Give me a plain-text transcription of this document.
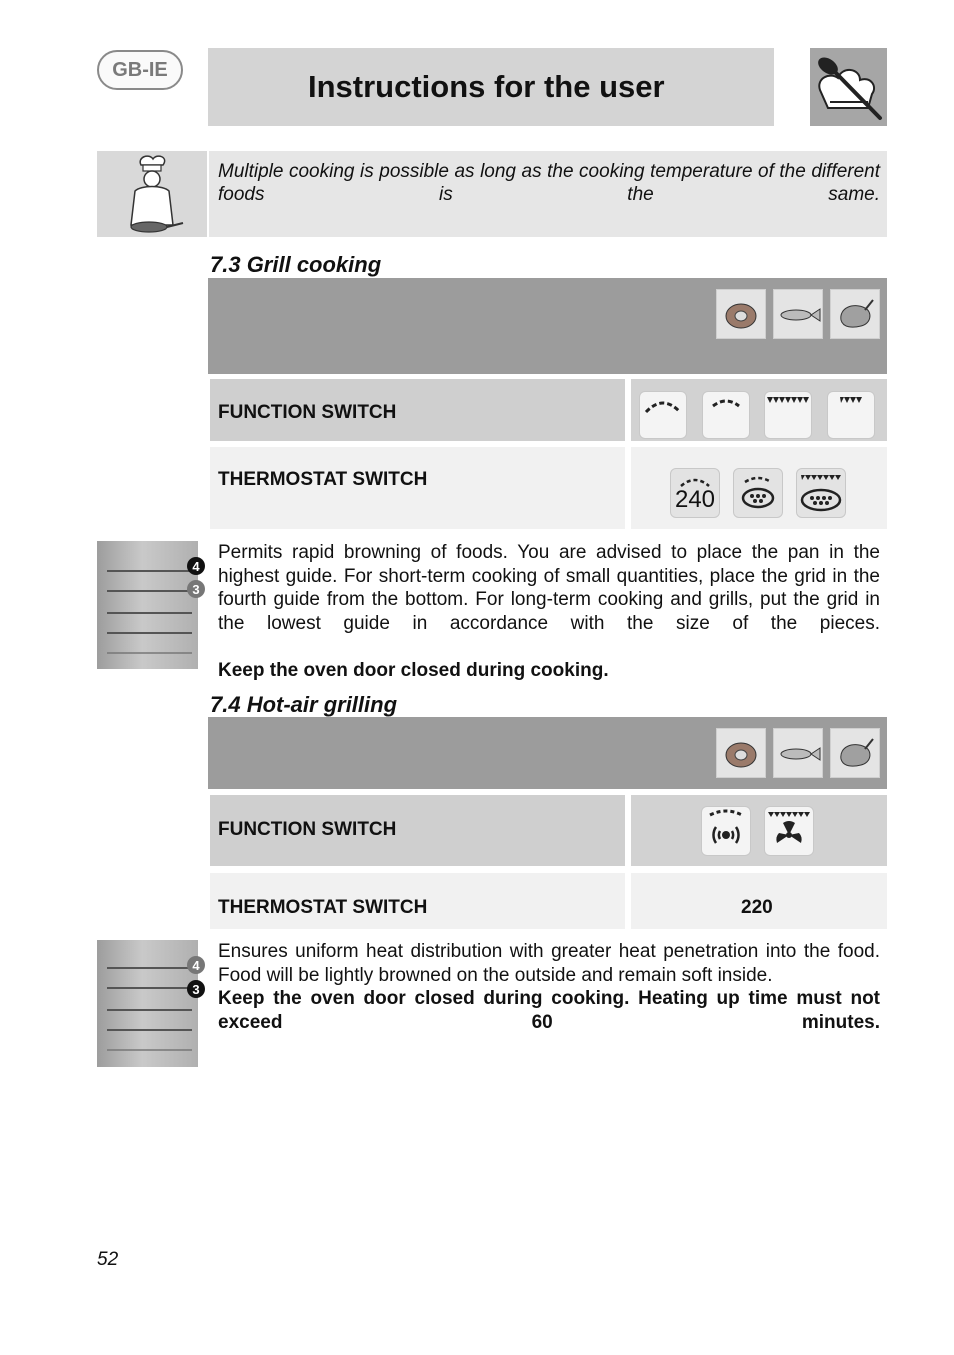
GB-IE	Instructions for the user
Multiple cooking is possible as long as the cooking temperature of the different foods is the same.
7.3 Grill cooking
FUNCTION SWITCH
THERMOSTAT SWITCH
240
4
3
Permits rapid browning of foods. You are advised to place the pan in the highest guide. For short-term cooking of small quantities, place the grid in the fourth guide from the bottom. For long-term cooking and grills, put the grid in the lowest guide in accordance with the size of the pieces.
Keep the oven door closed during cooking.
7.4 Hot-air grilling
FUNCTION SWITCH
THERMOSTAT SWITCH	220
4
3
Ensures uniform heat distribution with greater heat penetration into the food. Food will be lightly browned on the outside and remain soft inside.
Keep the oven door closed during cooking. Heating up time must not exceed 60 minutes.
52
